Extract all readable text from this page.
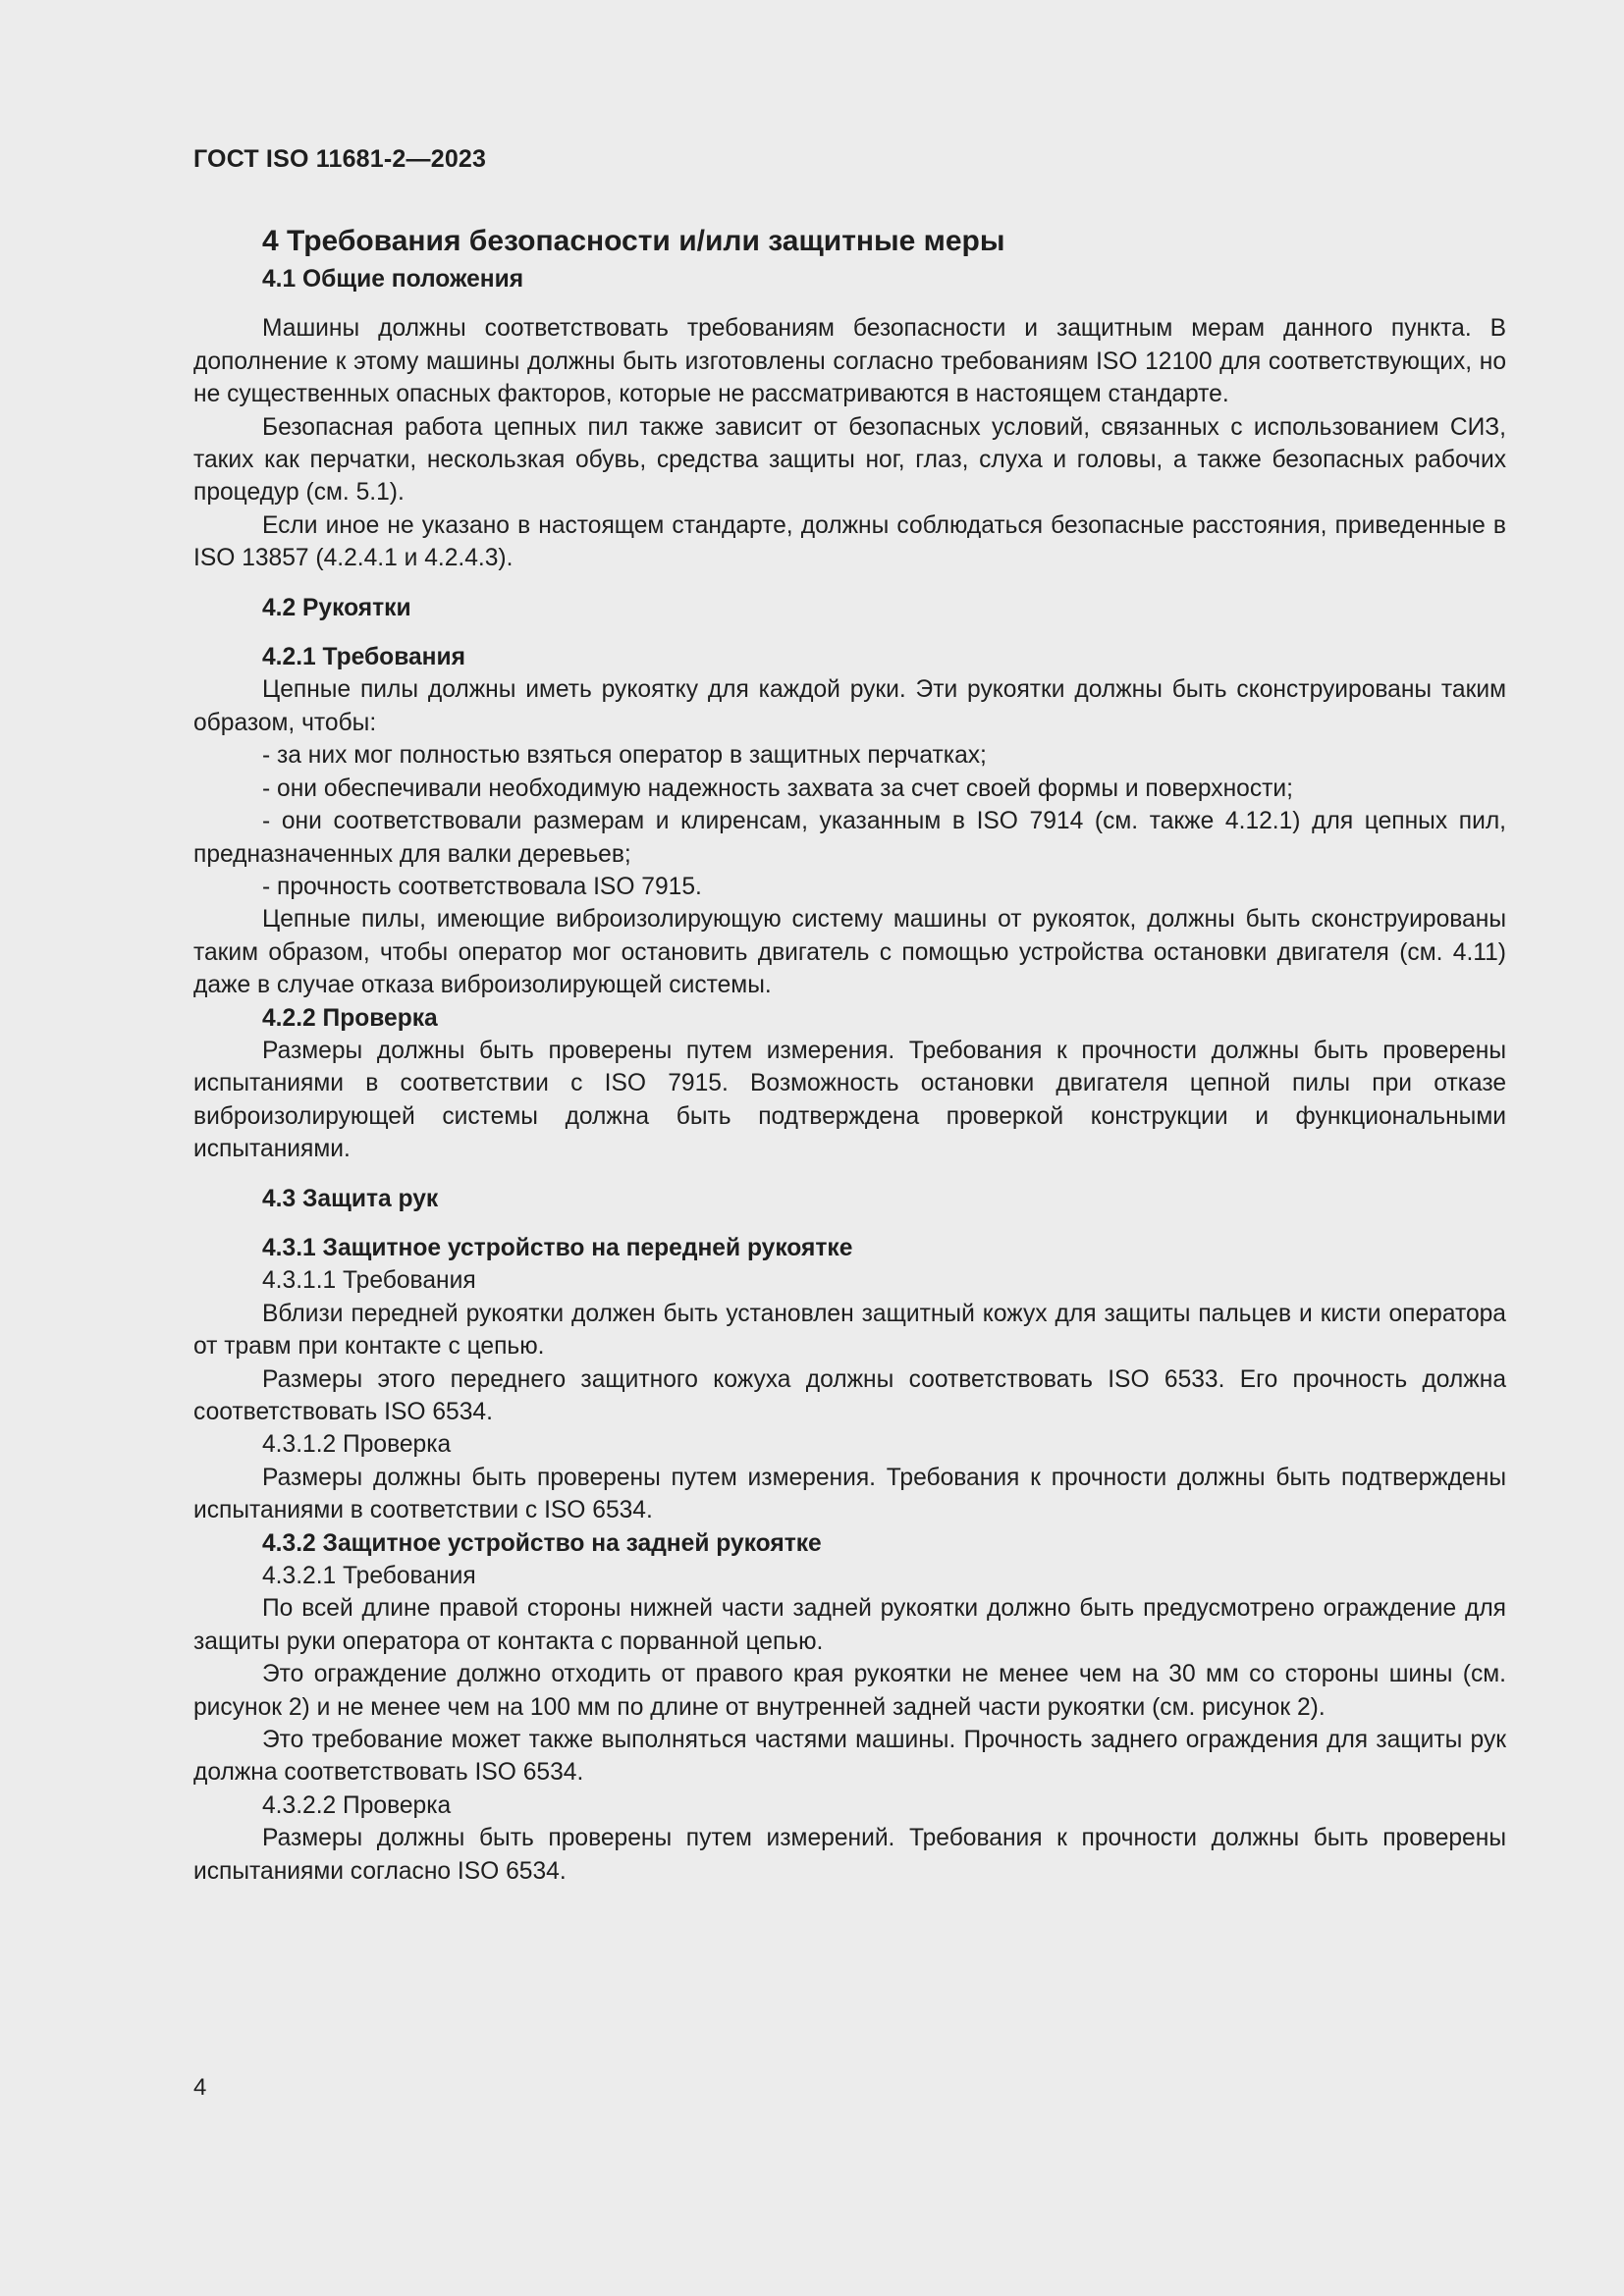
ГОСТ ISO 11681-2—2023

4 Требования безопасности и/или защитные меры

4.1 Общие положения

Машины должны соответствовать требованиям безопасности и защитным мерам данного пункта. В дополнение к этому машины должны быть изготовлены согласно требованиям ISO 12100 для соответствующих, но не существенных опасных факторов, которые не рассматриваются в настоящем стандарте.

Безопасная работа цепных пил также зависит от безопасных условий, связанных с использованием СИЗ, таких как перчатки, нескользкая обувь, средства защиты ног, глаз, слуха и головы, а также безопасных рабочих процедур (см. 5.1).

Если иное не указано в настоящем стандарте, должны соблюдаться безопасные расстояния, приведенные в ISO 13857 (4.2.4.1 и 4.2.4.3).

4.2 Рукоятки

4.2.1 Требования

Цепные пилы должны иметь рукоятку для каждой руки. Эти рукоятки должны быть сконструированы таким образом, чтобы:

- за них мог полностью взяться оператор в защитных перчатках;

- они обеспечивали необходимую надежность захвата за счет своей формы и поверхности;

- они соответствовали размерам и клиренсам, указанным в ISO 7914 (см. также 4.12.1) для цепных пил, предназначенных для валки деревьев;

- прочность соответствовала ISO 7915.

Цепные пилы, имеющие виброизолирующую систему машины от рукояток, должны быть сконструированы таким образом, чтобы оператор мог остановить двигатель с помощью устройства остановки двигателя (см. 4.11) даже в случае отказа виброизолирующей системы.

4.2.2 Проверка

Размеры должны быть проверены путем измерения. Требования к прочности должны быть проверены испытаниями в соответствии с ISO 7915. Возможность остановки двигателя цепной пилы при отказе виброизолирующей системы должна быть подтверждена проверкой конструкции и функциональными испытаниями.

4.3 Защита рук

4.3.1 Защитное устройство на передней рукоятке

4.3.1.1 Требования

Вблизи передней рукоятки должен быть установлен защитный кожух для защиты пальцев и кисти оператора от травм при контакте с цепью.

Размеры этого переднего защитного кожуха должны соответствовать ISO 6533. Его прочность должна соответствовать ISO 6534.

4.3.1.2 Проверка

Размеры должны быть проверены путем измерения. Требования к прочности должны быть подтверждены испытаниями в соответствии с ISO 6534.

4.3.2 Защитное устройство на задней рукоятке

4.3.2.1 Требования

По всей длине правой стороны нижней части задней рукоятки должно быть предусмотрено ограждение для защиты руки оператора от контакта с порванной цепью.

Это ограждение должно отходить от правого края рукоятки не менее чем на 30 мм со стороны шины (см. рисунок 2) и не менее чем на 100 мм по длине от внутренней задней части рукоятки (см. рисунок 2).

Это требование может также выполняться частями машины. Прочность заднего ограждения для защиты рук должна соответствовать ISO 6534.

4.3.2.2 Проверка

Размеры должны быть проверены путем измерений. Требования к прочности должны быть проверены испытаниями согласно ISO 6534.

4
